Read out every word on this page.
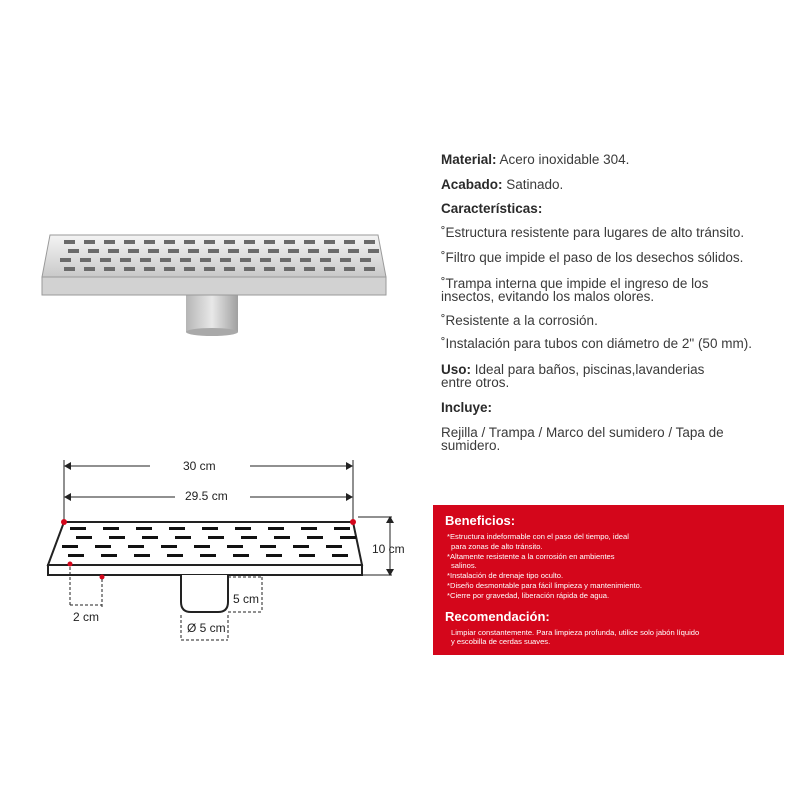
Material: Acero inoxidable 304.
Acabado: Satinado.
Características:
˚Estructura resistente para lugares de alto tránsito.
˚Filtro que impide el paso de los desechos sólidos.
˚Trampa interna que impide el ingreso de los
insectos, evitando los malos olores.
˚Resistente a la corrosión.
˚Instalación para tubos con diámetro de 2" (50 mm).
Uso: Ideal para baños, piscinas,lavanderias
entre otros.
Incluye:
Rejilla / Trampa / Marco del sumidero / Tapa de
sumidero.
30 cm
29.5 cm
10 cm
5 cm
Ø 5 cm
2 cm
Beneficios:

*Estructura indeformable con el paso del tiempo, ideal

para zonas de alto tránsito.

*Altamente resistente a la corrosión en ambientes

salinos.

*Instalación de drenaje tipo oculto.

*Diseño desmontable para fácil limpieza y mantenimiento.

*Cierre por gravedad, liberación rápida de agua.

Recomendación:

Limpiar constantemente. Para limpieza profunda, utilice solo jabón líquido

y escobilla de cerdas suaves.
